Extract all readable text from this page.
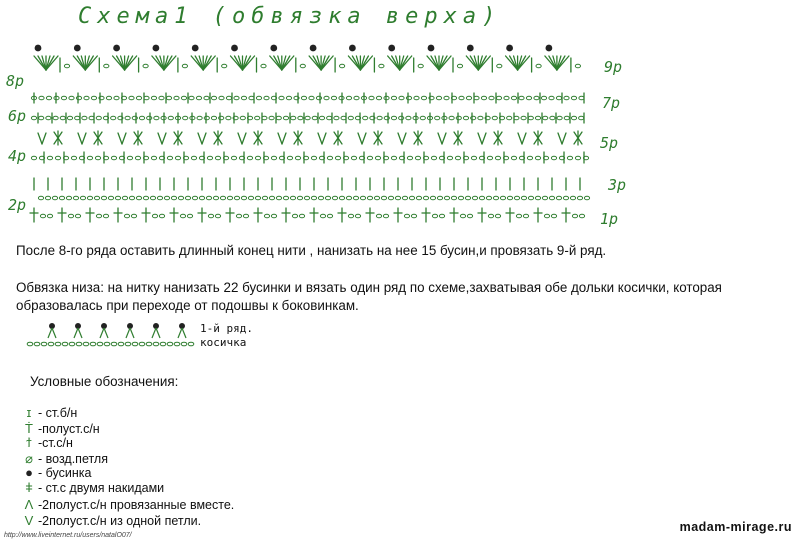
Схема1 (обвязка верха)
9р
8р
7р
6р
5р
4р
3р
2р
1р
После 8-го ряда оставить длинный конец нити , нанизать на нее 15 бусин,и провязать 9-й ряд.
Обвязка низа: на нитку нанизать 22 бусинки и вязать один ряд по схеме,захватывая обе дольки косички, которая образовалась при переходе от подошвы к боковинкам.
1-й ряд.
косичка
Условные обозначения:
ɪ - ст.б/н
Ṫ -полуст.с/н
ϯ -ст.с/н
⌀ - возд.петля
● - бусинка
ǂ - ст.с двумя накидами
Λ -2полуст.с/н провязанные вместе.
V -2полуст.с/н из одной петли.	madam-mirage.ru
http://www.liveinternet.ru/users/natalO07/
